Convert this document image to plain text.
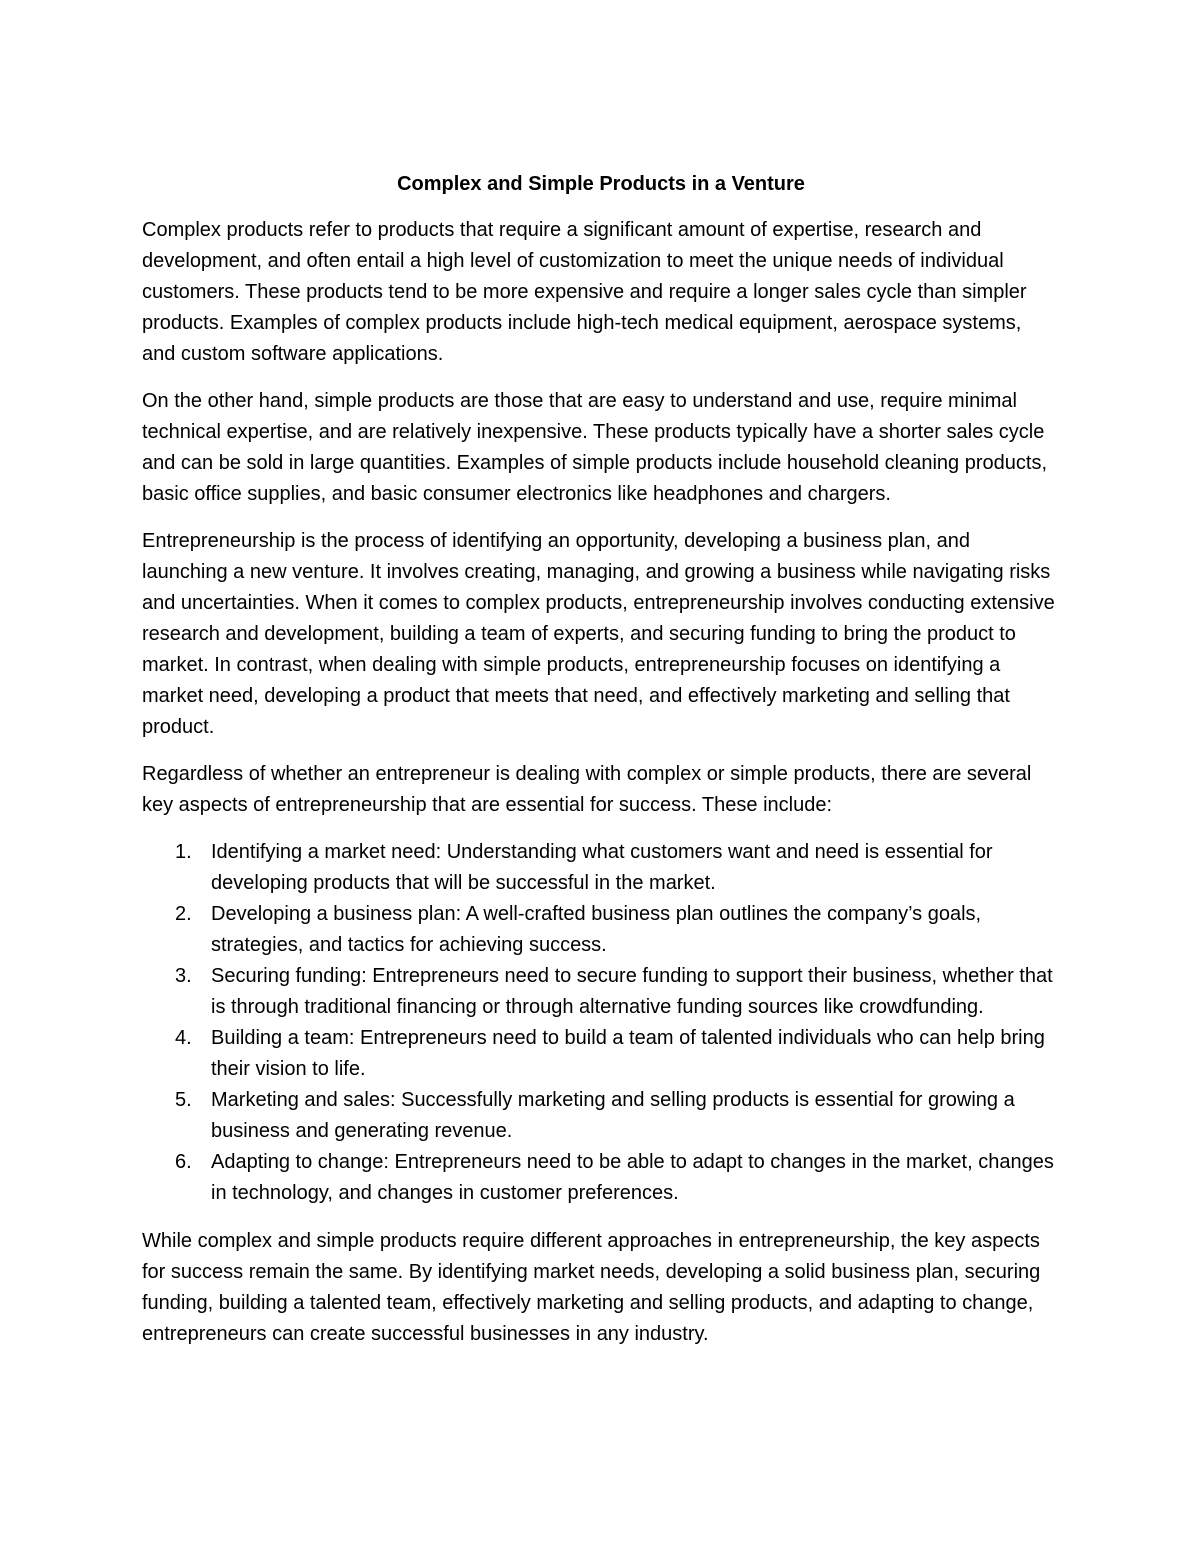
Complex and Simple Products in a Venture

Complex products refer to products that require a significant amount of expertise, research and development, and often entail a high level of customization to meet the unique needs of individual customers. These products tend to be more expensive and require a longer sales cycle than simpler products. Examples of complex products include high-tech medical equipment, aerospace systems, and custom software applications.

On the other hand, simple products are those that are easy to understand and use, require minimal technical expertise, and are relatively inexpensive. These products typically have a shorter sales cycle and can be sold in large quantities. Examples of simple products include household cleaning products, basic office supplies, and basic consumer electronics like headphones and chargers.

Entrepreneurship is the process of identifying an opportunity, developing a business plan, and launching a new venture. It involves creating, managing, and growing a business while navigating risks and uncertainties. When it comes to complex products, entrepreneurship involves conducting extensive research and development, building a team of experts, and securing funding to bring the product to market. In contrast, when dealing with simple products, entrepreneurship focuses on identifying a market need, developing a product that meets that need, and effectively marketing and selling that product.

Regardless of whether an entrepreneur is dealing with complex or simple products, there are several key aspects of entrepreneurship that are essential for success. These include:

1. Identifying a market need: Understanding what customers want and need is essential for developing products that will be successful in the market.
2. Developing a business plan: A well-crafted business plan outlines the company’s goals, strategies, and tactics for achieving success.
3. Securing funding: Entrepreneurs need to secure funding to support their business, whether that is through traditional financing or through alternative funding sources like crowdfunding.
4. Building a team: Entrepreneurs need to build a team of talented individuals who can help bring their vision to life.
5. Marketing and sales: Successfully marketing and selling products is essential for growing a business and generating revenue.
6. Adapting to change: Entrepreneurs need to be able to adapt to changes in the market, changes in technology, and changes in customer preferences.

While complex and simple products require different approaches in entrepreneurship, the key aspects for success remain the same. By identifying market needs, developing a solid business plan, securing funding, building a talented team, effectively marketing and selling products, and adapting to change, entrepreneurs can create successful businesses in any industry.
